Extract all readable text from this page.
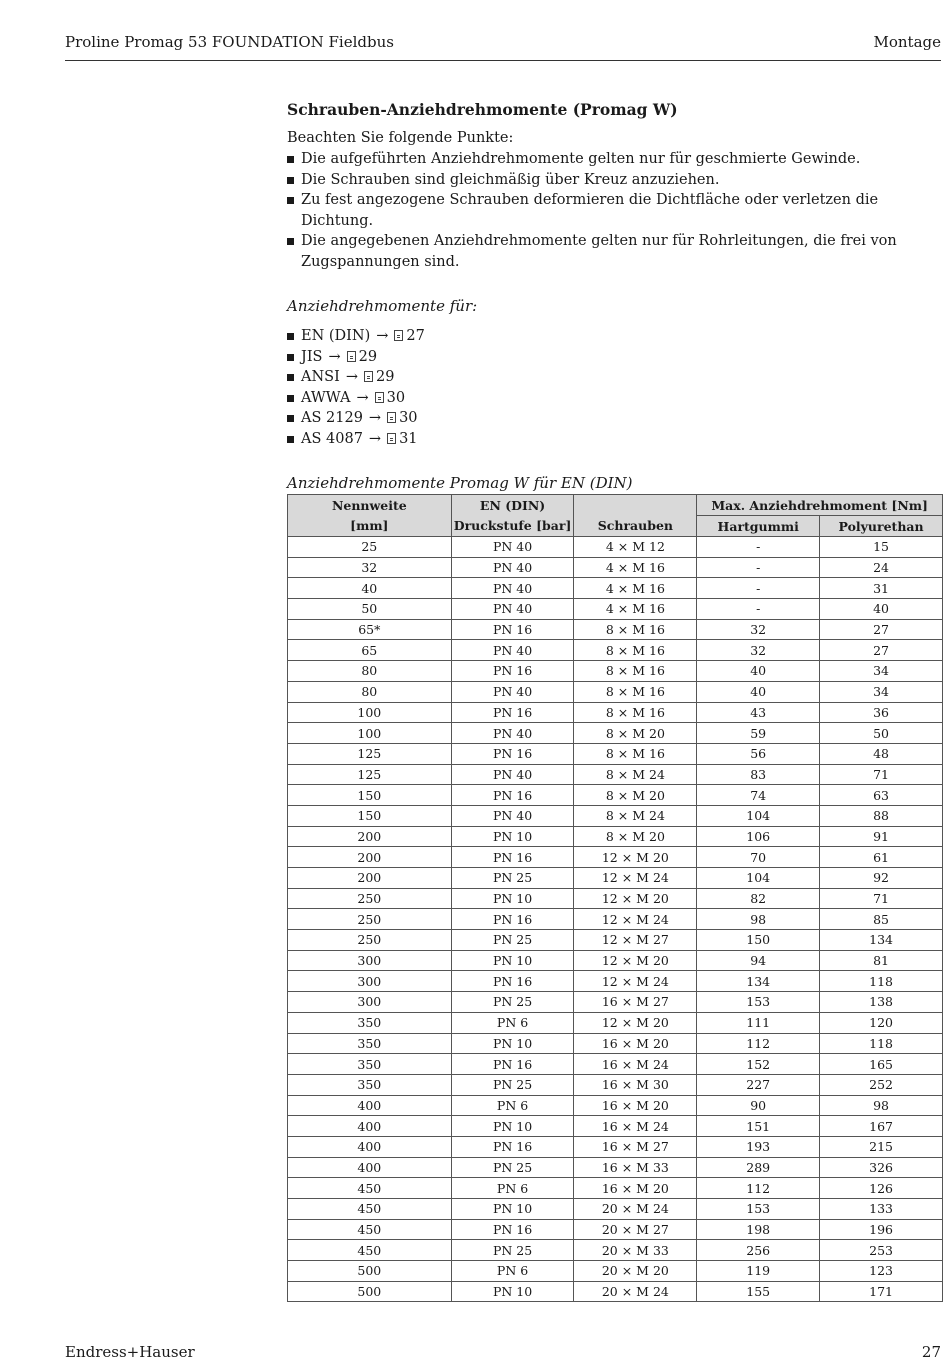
Proline Promag 53 FOUNDATION Fieldbus	Montage
Schrauben-Anziehdrehmomente (Promag W)

Beachten Sie folgende Punkte:

Die aufgeführten Anziehdrehmomente gelten nur für geschmierte Gewinde.
Die Schrauben sind gleichmäßig über Kreuz anzuziehen.
Zu fest angezogene Schrauben deformieren die Dichtfläche oder verletzen die Dichtung.
Die angegebenen Anziehdrehmomente gelten nur für Rohrleitungen, die frei von Zugspannungen sind.

Anziehdrehmomente für:

EN (DIN) → 27
JIS → 29
ANSI → 29
AWWA → 30
AS 2129 → 30
AS 4087 → 31

Anziehdrehmomente Promag W für EN (DIN)

Nennweite	EN (DIN)		Max. Anziehdrehmoment [Nm]	
[mm]	Druckstufe [bar]	Schrauben	Hartgummi	Polyurethan
25	PN 40	4 × M 12	-	15
32	PN 40	4 × M 16	-	24
40	PN 40	4 × M 16	-	31
50	PN 40	4 × M 16	-	40
65*	PN 16	8 × M 16	32	27
65	PN 40	8 × M 16	32	27
80	PN 16	8 × M 16	40	34
80	PN 40	8 × M 16	40	34
100	PN 16	8 × M 16	43	36
100	PN 40	8 × M 20	59	50
125	PN 16	8 × M 16	56	48
125	PN 40	8 × M 24	83	71
150	PN 16	8 × M 20	74	63
150	PN 40	8 × M 24	104	88
200	PN 10	8 × M 20	106	91
200	PN 16	12 × M 20	70	61
200	PN 25	12 × M 24	104	92
250	PN 10	12 × M 20	82	71
250	PN 16	12 × M 24	98	85
250	PN 25	12 × M 27	150	134
300	PN 10	12 × M 20	94	81
300	PN 16	12 × M 24	134	118
300	PN 25	16 × M 27	153	138
350	PN 6	12 × M 20	111	120
350	PN 10	16 × M 20	112	118
350	PN 16	16 × M 24	152	165
350	PN 25	16 × M 30	227	252
400	PN 6	16 × M 20	90	98
400	PN 10	16 × M 24	151	167
400	PN 16	16 × M 27	193	215
400	PN 25	16 × M 33	289	326
450	PN 6	16 × M 20	112	126
450	PN 10	20 × M 24	153	133
450	PN 16	20 × M 27	198	196
450	PN 25	20 × M 33	256	253
500	PN 6	20 × M 20	119	123
500	PN 10	20 × M 24	155	171
Endress+Hauser	27
